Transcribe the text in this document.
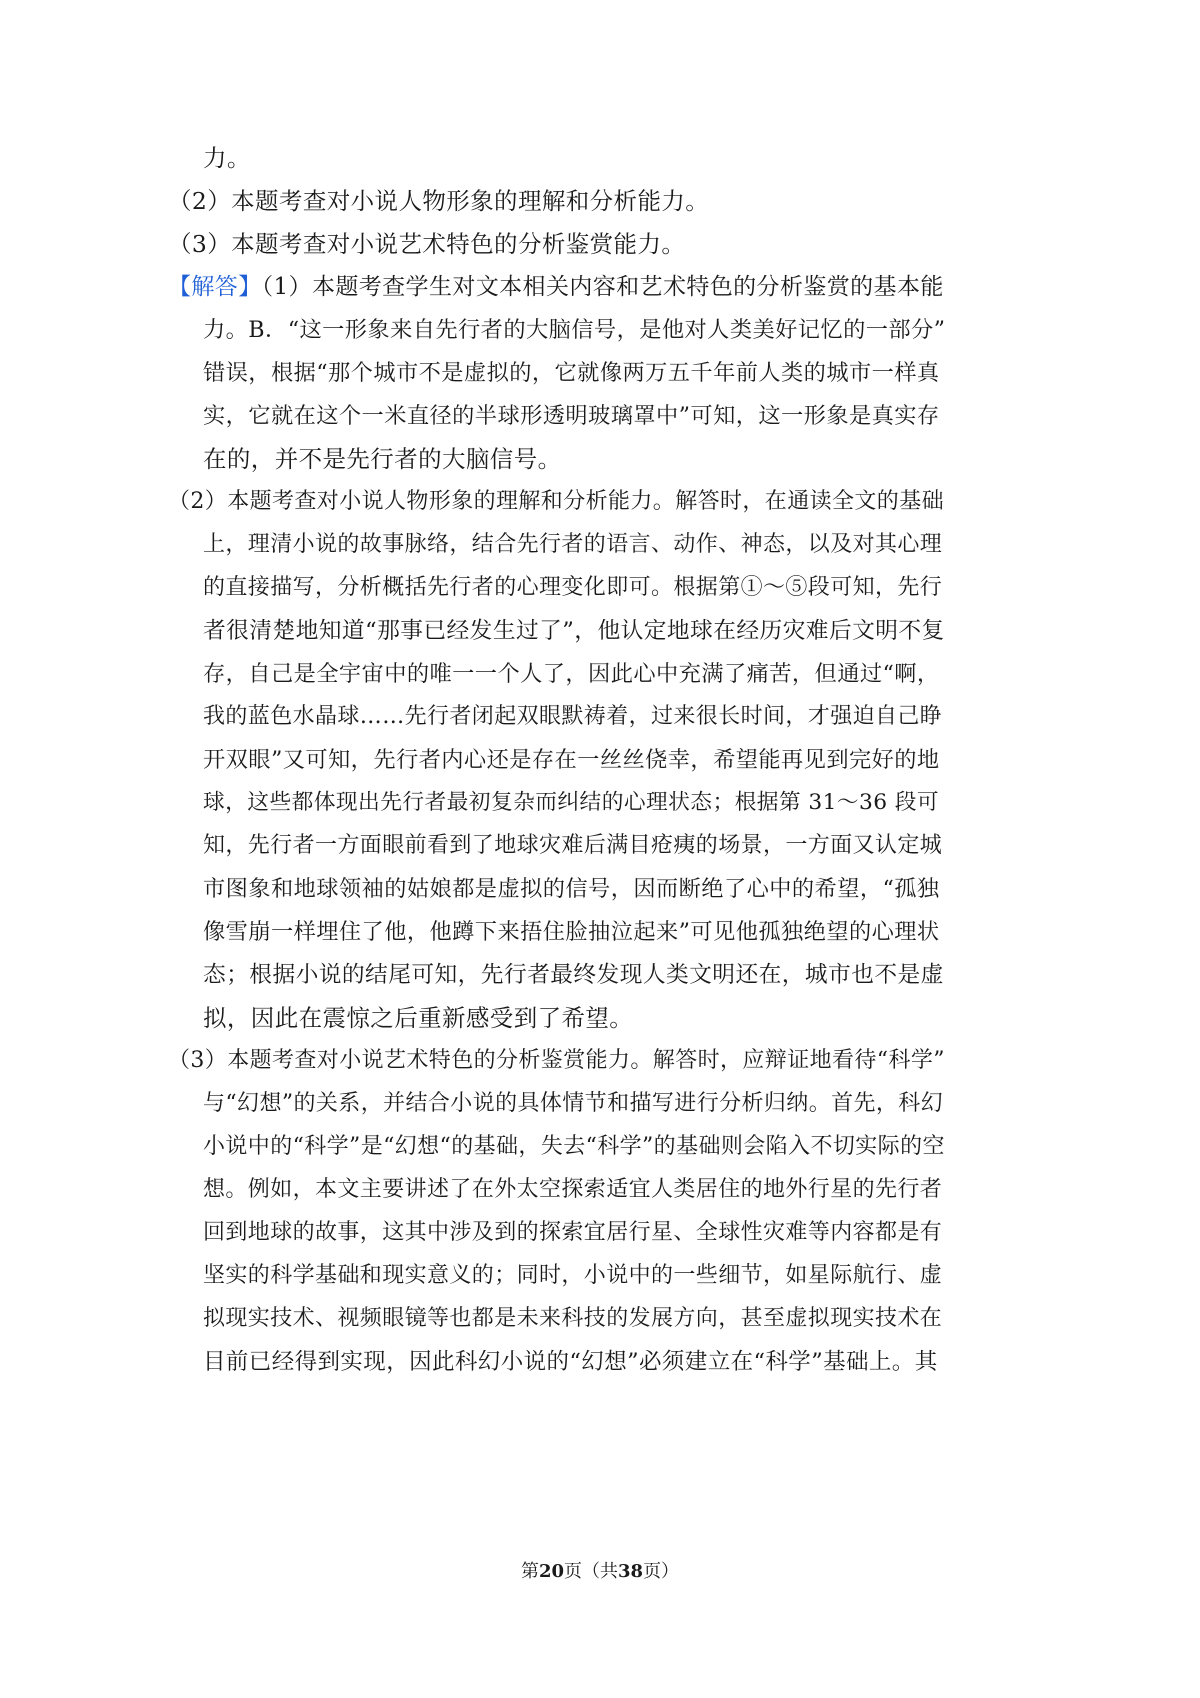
力。
（2）本题考查对小说人物形象的理解和分析能力。
（3）本题考查对小说艺术特色的分析鉴赏能力。
【解答】（1）本题考查学生对文本相关内容和艺术特色的分析鉴赏的基本能
力。B．“这一形象来自先行者的大脑信号，是他对人类美好记忆的一部分”
错误，根据“那个城市不是虚拟的，它就像两万五千年前人类的城市一样真
实，它就在这个一米直径的半球形透明玻璃罩中”可知，这一形象是真实存
在的，并不是先行者的大脑信号。
（2）本题考查对小说人物形象的理解和分析能力。解答时，在通读全文的基础
上，理清小说的故事脉络，结合先行者的语言、动作、神态，以及对其心理
的直接描写，分析概括先行者的心理变化即可。根据第①〜⑤段可知，先行
者很清楚地知道“那事已经发生过了”，他认定地球在经历灾难后文明不复
存，自己是全宇宙中的唯一一个人了，因此心中充满了痛苦，但通过“啊，
我的蓝色水晶球……先行者闭起双眼默祷着，过来很长时间，才强迫自己睁
开双眼”又可知，先行者内心还是存在一丝丝侥幸，希望能再见到完好的地
球，这些都体现出先行者最初复杂而纠结的心理状态；根据第 31〜36 段可
知，先行者一方面眼前看到了地球灾难后满目疮痍的场景，一方面又认定城
市图象和地球领袖的姑娘都是虚拟的信号，因而断绝了心中的希望，“孤独
像雪崩一样埋住了他，他蹲下来捂住脸抽泣起来”可见他孤独绝望的心理状
态；根据小说的结尾可知，先行者最终发现人类文明还在，城市也不是虚
拟，因此在震惊之后重新感受到了希望。
（3）本题考查对小说艺术特色的分析鉴赏能力。解答时，应辩证地看待“科学”
与“幻想”的关系，并结合小说的具体情节和描写进行分析归纳。首先，科幻
小说中的“科学”是“幻想“的基础，失去“科学”的基础则会陷入不切实际的空
想。例如，本文主要讲述了在外太空探索适宜人类居住的地外行星的先行者
回到地球的故事，这其中涉及到的探索宜居行星、全球性灾难等内容都是有
坚实的科学基础和现实意义的；同时，小说中的一些细节，如星际航行、虚
拟现实技术、视频眼镜等也都是未来科技的发展方向，甚至虚拟现实技术在
目前已经得到实现，因此科幻小说的“幻想”必须建立在“科学”基础上。其
第20页（共38页）
